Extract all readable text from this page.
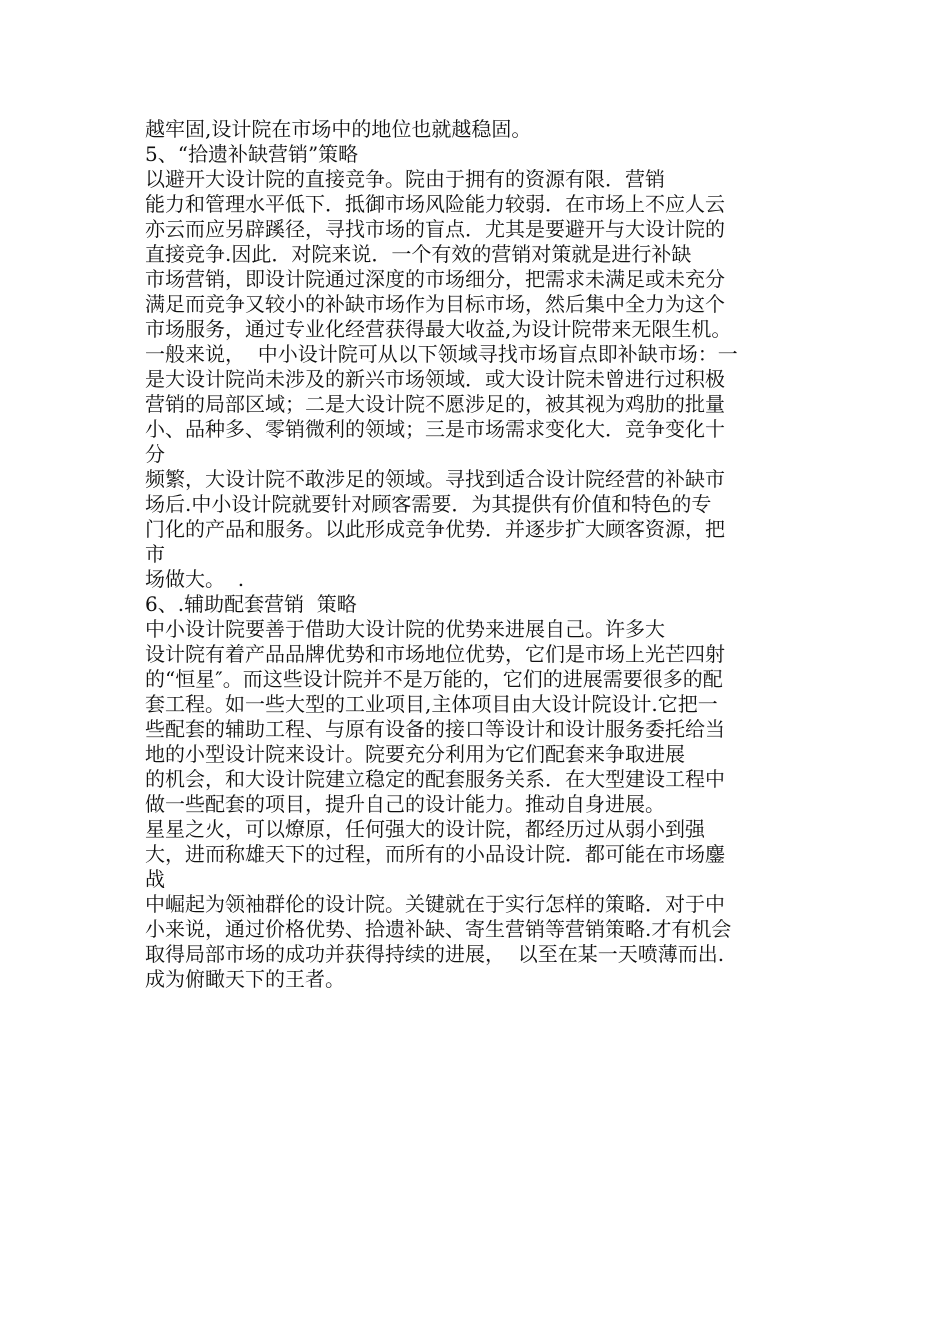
越牢固,设计院在市场中的地位也就越稳固。
5、“拾遗补缺营销”策略
以避开大设计院的直接竞争。院由于拥有的资源有限．营销
能力和管理水平低下．抵御市场风险能力较弱．在市场上不应人云
亦云而应另辟蹊径，寻找市场的盲点．尤其是要避开与大设计院的
直接竞争.因此．对院来说．一个有效的营销对策就是进行补缺
市场营销，即设计院通过深度的市场细分，把需求未满足或未充分
满足而竞争又较小的补缺市场作为目标市场，然后集中全力为这个
市场服务，通过专业化经营获得最大收益,为设计院带来无限生机。
一般来说，  中小设计院可从以下领域寻找市场盲点即补缺市场：一
是大设计院尚未涉及的新兴市场领域．或大设计院未曾进行过积极
营销的局部区域；二是大设计院不愿涉足的，被其视为鸡肋的批量
小、品种多、零销微利的领域；三是市场需求变化大．竞争变化十
分
频繁，大设计院不敢涉足的领域。寻找到适合设计院经营的补缺市
场后.中小设计院就要针对顾客需要．为其提供有价值和特色的专
门化的产品和服务。以此形成竞争优势．并逐步扩大顾客资源，把
市
场做大。  .
6、.辅助配套营销  策略
中小设计院要善于借助大设计院的优势来进展自己。许多大
设计院有着产品品牌优势和市场地位优势，它们是市场上光芒四射
的“恒星″。而这些设计院并不是万能的，它们的进展需要很多的配
套工程。如一些大型的工业项目,主体项目由大设计院设计.它把一
些配套的辅助工程、与原有设备的接口等设计和设计服务委托给当
地的小型设计院来设计。院要充分利用为它们配套来争取进展
的机会，和大设计院建立稳定的配套服务关系．在大型建设工程中
做一些配套的项目，提升自己的设计能力。推动自身进展。
星星之火，可以燎原，任何强大的设计院，都经历过从弱小到强
大，进而称雄天下的过程，而所有的小品设计院．都可能在市场鏖
战
中崛起为领袖群伦的设计院。关键就在于实行怎样的策略．对于中
小来说，通过价格优势、拾遗补缺、寄生营销等营销策略.才有机会
取得局部市场的成功并获得持续的进展，  以至在某一天喷薄而出.
成为俯瞰天下的王者。
